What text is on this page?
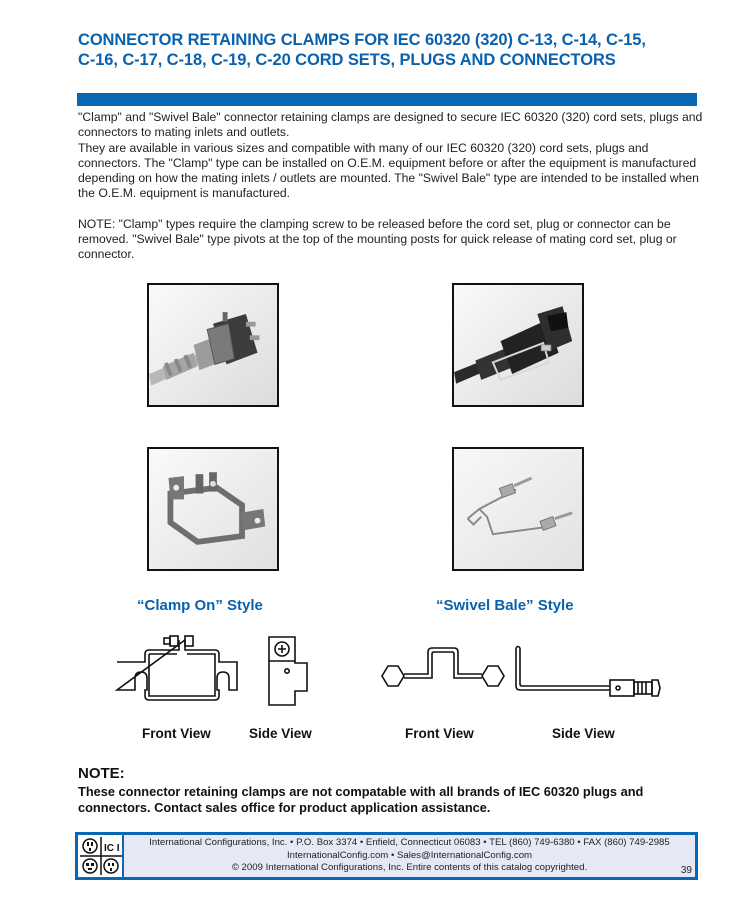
CONNECTOR RETAINING CLAMPS FOR IEC 60320 (320) C-13, C-14, C-15,
C-16, C-17, C-18, C-19, C-20 CORD SETS, PLUGS AND CONNECTORS

"Clamp" and "Swivel Bale" connector retaining clamps are designed to secure IEC 60320 (320) cord sets, plugs and connectors to mating inlets and outlets.

They are available in various sizes and compatible with many of our IEC 60320 (320) cord sets, plugs and connectors. The "Clamp" type can be installed on O.E.M. equipment before or after the equipment is manufactured depending on how the mating inlets / outlets are mounted. The "Swivel Bale" type are intended to be installed when the O.E.M. equipment is manufactured.

NOTE: "Clamp" types require the clamping screw to be released before the cord set, plug or connector can be removed. "Swivel Bale" type pivots at the top of the mounting posts for quick release of mating cord set, plug or connector.

“Clamp On” Style
Front View	Side View
“Swivel Bale” Style
Front View	Side View
NOTE:
These connector retaining clamps are not compatable with all brands of IEC 60320 plugs and connectors. Contact sales office for product application assistance.
IC I
International Configurations, Inc. • P.O. Box 3374 • Enfield, Connecticut 06083 • TEL (860) 749-6380 • FAX (860) 749-2985
InternationalConfig.com • Sales@InternationalConfig.com
© 2009 International Configurations, Inc. Entire contents of this catalog copyrighted.	39
